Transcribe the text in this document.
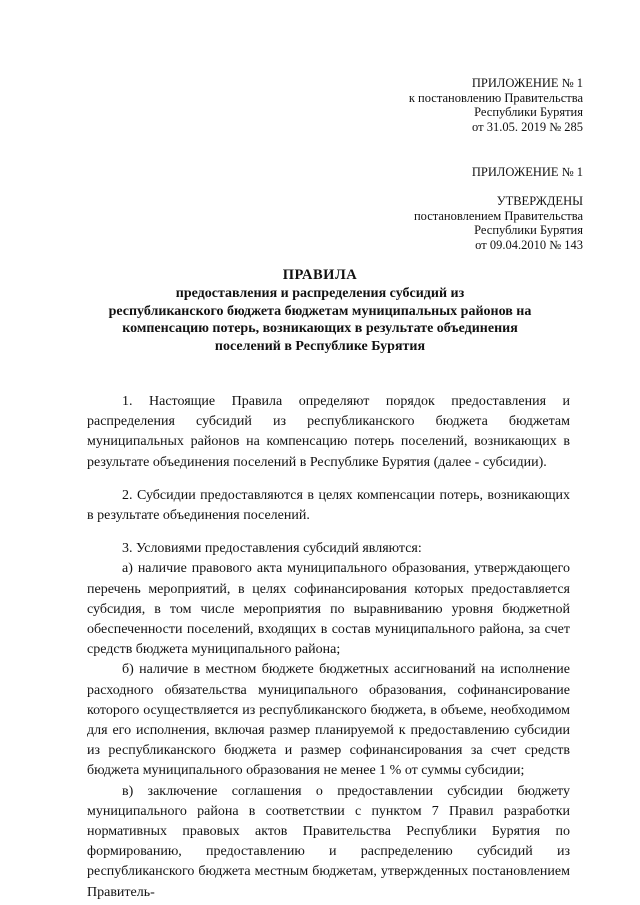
ПРИЛОЖЕНИЕ № 1
к постановлению Правительства
Республики Бурятия
от 31.05. 2019 № 285
ПРИЛОЖЕНИЕ № 1
УТВЕРЖДЕНЫ
постановлением Правительства
Республики Бурятия
от 09.04.2010 № 143
ПРАВИЛА
предоставления и распределения субсидий из
республиканского бюджета бюджетам муниципальных районов на
компенсацию потерь, возникающих в результате объединения
поселений в Республике Бурятия

1. Настоящие Правила определяют порядок предоставления и распределения субсидий из республиканского бюджета бюджетам муниципальных районов на компенсацию потерь поселений, возникающих в результате объединения поселений в Республике Бурятия (далее - субсидии).

2. Субсидии предоставляются в целях компенсации потерь, возникающих в результате объединения поселений.

3. Условиями предоставления субсидий являются:

а) наличие правового акта муниципального образования, утверждающего перечень мероприятий, в целях софинансирования которых предоставляется субсидия, в том числе мероприятия по выравниванию уровня бюджетной обеспеченности поселений, входящих в состав муниципального района, за счет средств бюджета муниципального района;

б) наличие в местном бюджете бюджетных ассигнований на исполнение расходного обязательства муниципального образования, софинансирование которого осуществляется из республиканского бюджета, в объеме, необходимом для его исполнения, включая размер планируемой к предоставлению субсидии из республиканского бюджета и размер софинансирования за счет средств бюджета муниципального образования не менее 1 % от суммы субсидии;

в) заключение соглашения о предоставлении субсидии бюджету муниципального района в соответствии с пунктом 7 Правил разработки нормативных правовых актов Правительства Республики Бурятия по формированию, предоставлению и распределению субсидий из республиканского бюджета местным бюджетам, утвержденных постановлением Правитель-
